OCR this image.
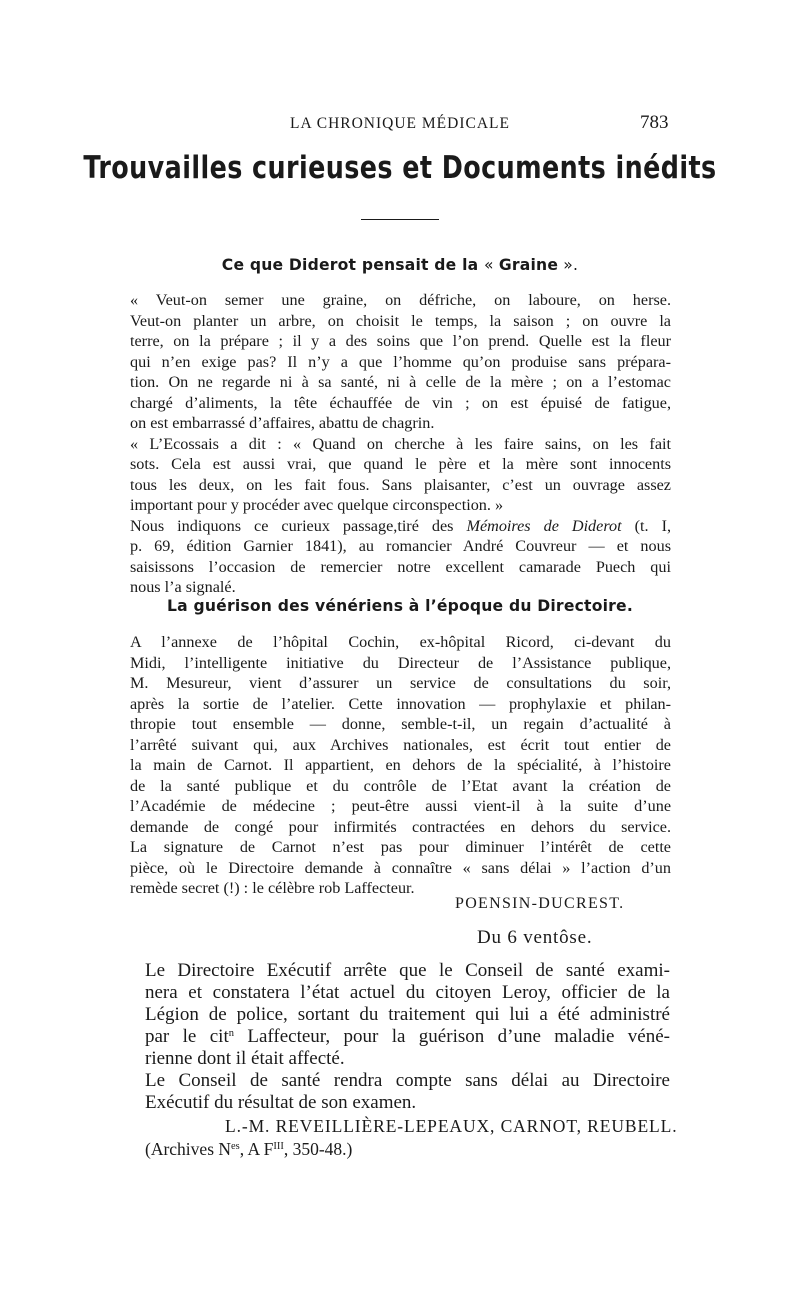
LA CHRONIQUE MÉDICALE	783
Trouvailles curieuses et Documents inédits
Ce que Diderot pensait de la « Graine ».
« Veut-on semer une graine, on défriche, on laboure, on herse.
Veut-on planter un arbre, on choisit le temps, la saison ; on ouvre la
terre, on la prépare ; il y a des soins que l’on prend. Quelle est la fleur
qui n’en exige pas? Il n’y a que l’homme qu’on produise sans prépara-
tion. On ne regarde ni à sa santé, ni à celle de la mère ; on a l’estomac
chargé d’aliments, la tête échauffée de vin ; on est épuisé de fatigue,
on est embarrassé d’affaires, abattu de chagrin.
« L’Ecossais a dit : « Quand on cherche à les faire sains, on les fait
sots. Cela est aussi vrai, que quand le père et la mère sont innocents
tous les deux, on les fait fous. Sans plaisanter, c’est un ouvrage assez
important pour y procéder avec quelque circonspection. »
Nous indiquons ce curieux passage,tiré des Mémoires de Diderot (t. I,
p. 69, édition Garnier 1841), au romancier André Couvreur — et nous
saisissons l’occasion de remercier notre excellent camarade Puech qui
nous l’a signalé.
La guérison des vénériens à l’époque du Directoire.
A l’annexe de l’hôpital Cochin, ex-hôpital Ricord, ci-devant du
Midi, l’intelligente initiative du Directeur de l’Assistance publique,
M. Mesureur, vient d’assurer un service de consultations du soir,
après la sortie de l’atelier. Cette innovation — prophylaxie et philan-
thropie tout ensemble — donne, semble-t-il, un regain d’actualité à
l’arrêté suivant qui, aux Archives nationales, est écrit tout entier de
la main de Carnot. Il appartient, en dehors de la spécialité, à l’histoire
de la santé publique et du contrôle de l’Etat avant la création de
l’Académie de médecine ; peut-être aussi vient-il à la suite d’une
demande de congé pour infirmités contractées en dehors du service.
La signature de Carnot n’est pas pour diminuer l’intérêt de cette
pièce, où le Directoire demande à connaître « sans délai » l’action d’un
remède secret (!) : le célèbre rob Laffecteur.
POENSIN-DUCREST.
Du 6 ventôse.
Le Directoire Exécutif arrête que le Conseil de santé exami-
nera et constatera l’état actuel du citoyen Leroy, officier de la
Légion de police, sortant du traitement qui lui a été administré
par le cit$^n$ Laffecteur, pour la guérison d’une maladie véné-
rienne dont il était affecté.
Le Conseil de santé rendra compte sans délai au Directoire
Exécutif du résultat de son examen.
L.-M. REVEILLIÈRE-LEPEAUX, CARNOT, REUBELL.
(Archives $N^{es}$, A $F^{III}$, 350-48.)
